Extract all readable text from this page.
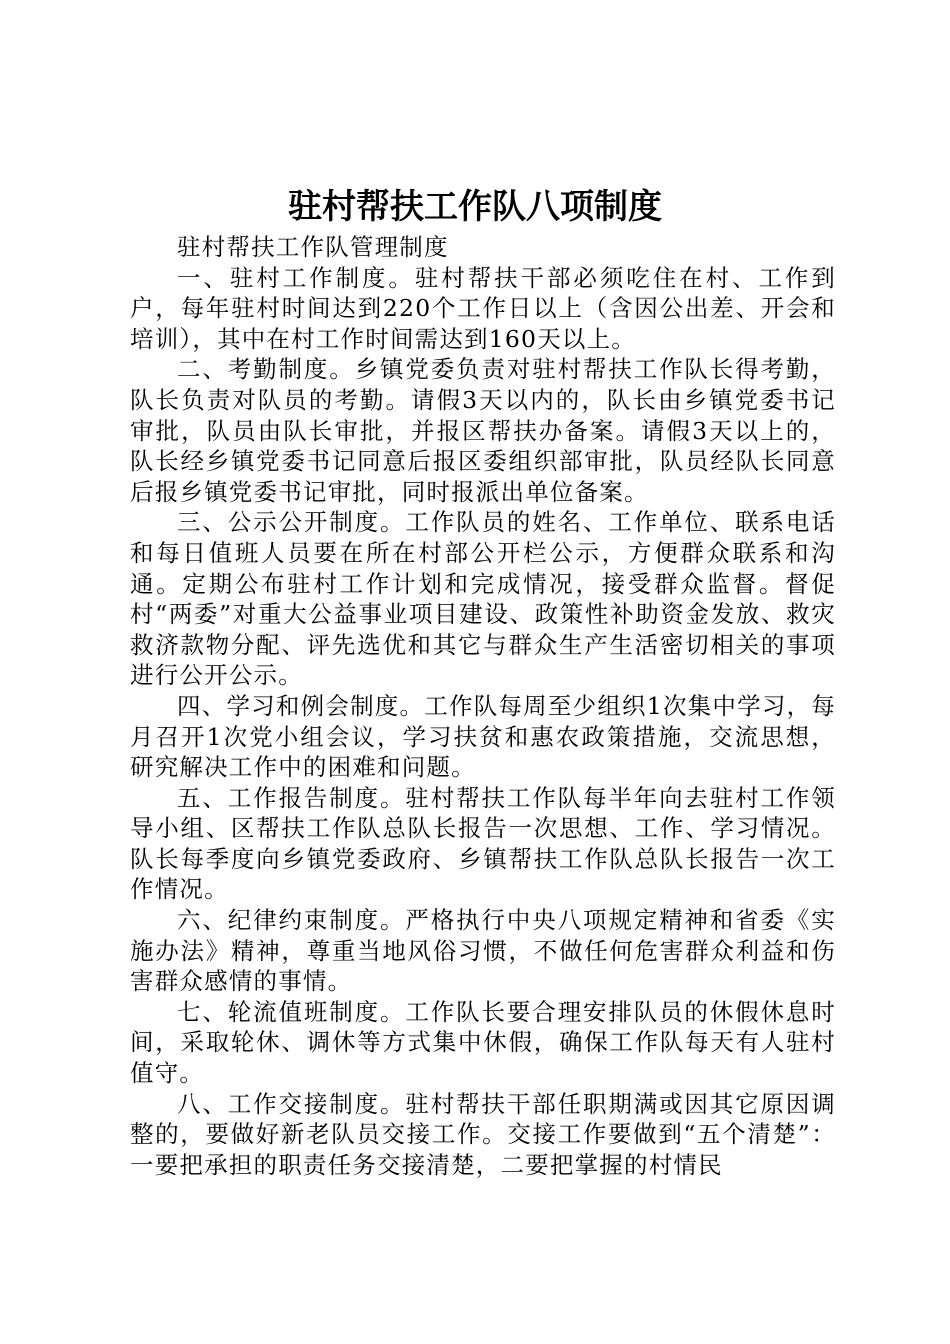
驻村帮扶工作队八项制度

驻村帮扶工作队管理制度

一、驻村工作制度。驻村帮扶干部必须吃住在村、工作到户，每年驻村时间达到220个工作日以上（含因公出差、开会和培训），其中在村工作时间需达到160天以上。

二、考勤制度。乡镇党委负责对驻村帮扶工作队长得考勤，队长负责对队员的考勤。请假3天以内的，队长由乡镇党委书记审批，队员由队长审批，并报区帮扶办备案。请假3天以上的，队长经乡镇党委书记同意后报区委组织部审批，队员经队长同意后报乡镇党委书记审批，同时报派出单位备案。

三、公示公开制度。工作队员的姓名、工作单位、联系电话和每日值班人员要在所在村部公开栏公示，方便群众联系和沟通。定期公布驻村工作计划和完成情况，接受群众监督。督促村“两委”对重大公益事业项目建设、政策性补助资金发放、救灾救济款物分配、评先选优和其它与群众生产生活密切相关的事项进行公开公示。

四、学习和例会制度。工作队每周至少组织1次集中学习，每月召开1次党小组会议，学习扶贫和惠农政策措施，交流思想，研究解决工作中的困难和问题。

五、工作报告制度。驻村帮扶工作队每半年向去驻村工作领导小组、区帮扶工作队总队长报告一次思想、工作、学习情况。队长每季度向乡镇党委政府、乡镇帮扶工作队总队长报告一次工作情况。

六、纪律约束制度。严格执行中央八项规定精神和省委《实施办法》精神，尊重当地风俗习惯，不做任何危害群众利益和伤害群众感情的事情。

七、轮流值班制度。工作队长要合理安排队员的休假休息时间，采取轮休、调休等方式集中休假，确保工作队每天有人驻村值守。

八、工作交接制度。驻村帮扶干部任职期满或因其它原因调整的，要做好新老队员交接工作。交接工作要做到“五个清楚”：一要把承担的职责任务交接清楚，二要把掌握的村情民
